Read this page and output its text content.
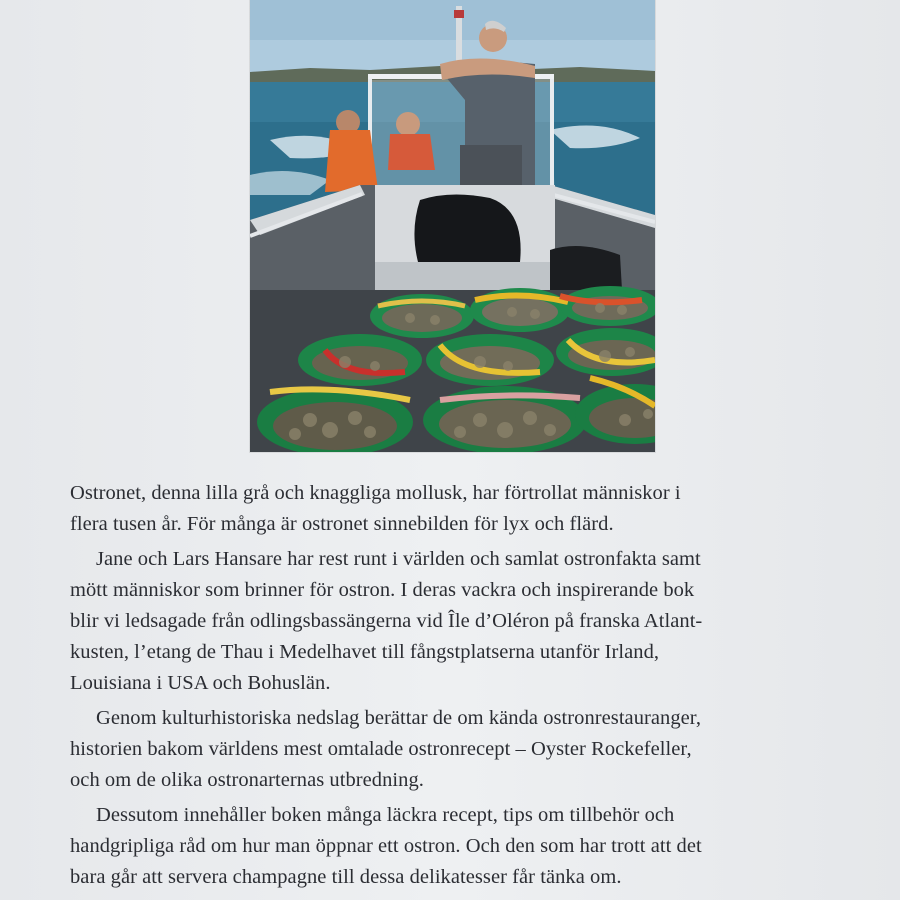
Ostronet, denna lilla grå och knaggliga mollusk, har förtrollat människor i
flera tusen år. För många är ostronet sinnebilden för lyx och flärd.

Jane och Lars Hansare har rest runt i världen och samlat ostronfakta samt
mött människor som brinner för ostron. I deras vackra och inspirerande bok
blir vi ledsagade från odlingsbassängerna vid Île d’Oléron på franska Atlant-
kusten, l’etang de Thau i Medelhavet till fångstplatserna utanför Irland,
Louisiana i USA och Bohuslän.

Genom kulturhistoriska nedslag berättar de om kända ostronrestauranger,
historien bakom världens mest omtalade ostronrecept – Oyster Rockefeller,
och om de olika ostronarternas utbredning.

Dessutom innehåller boken många läckra recept, tips om tillbehör och
handgripliga råd om hur man öppnar ett ostron. Och den som har trott att det
bara går att servera champagne till dessa delikatesser får tänka om.
